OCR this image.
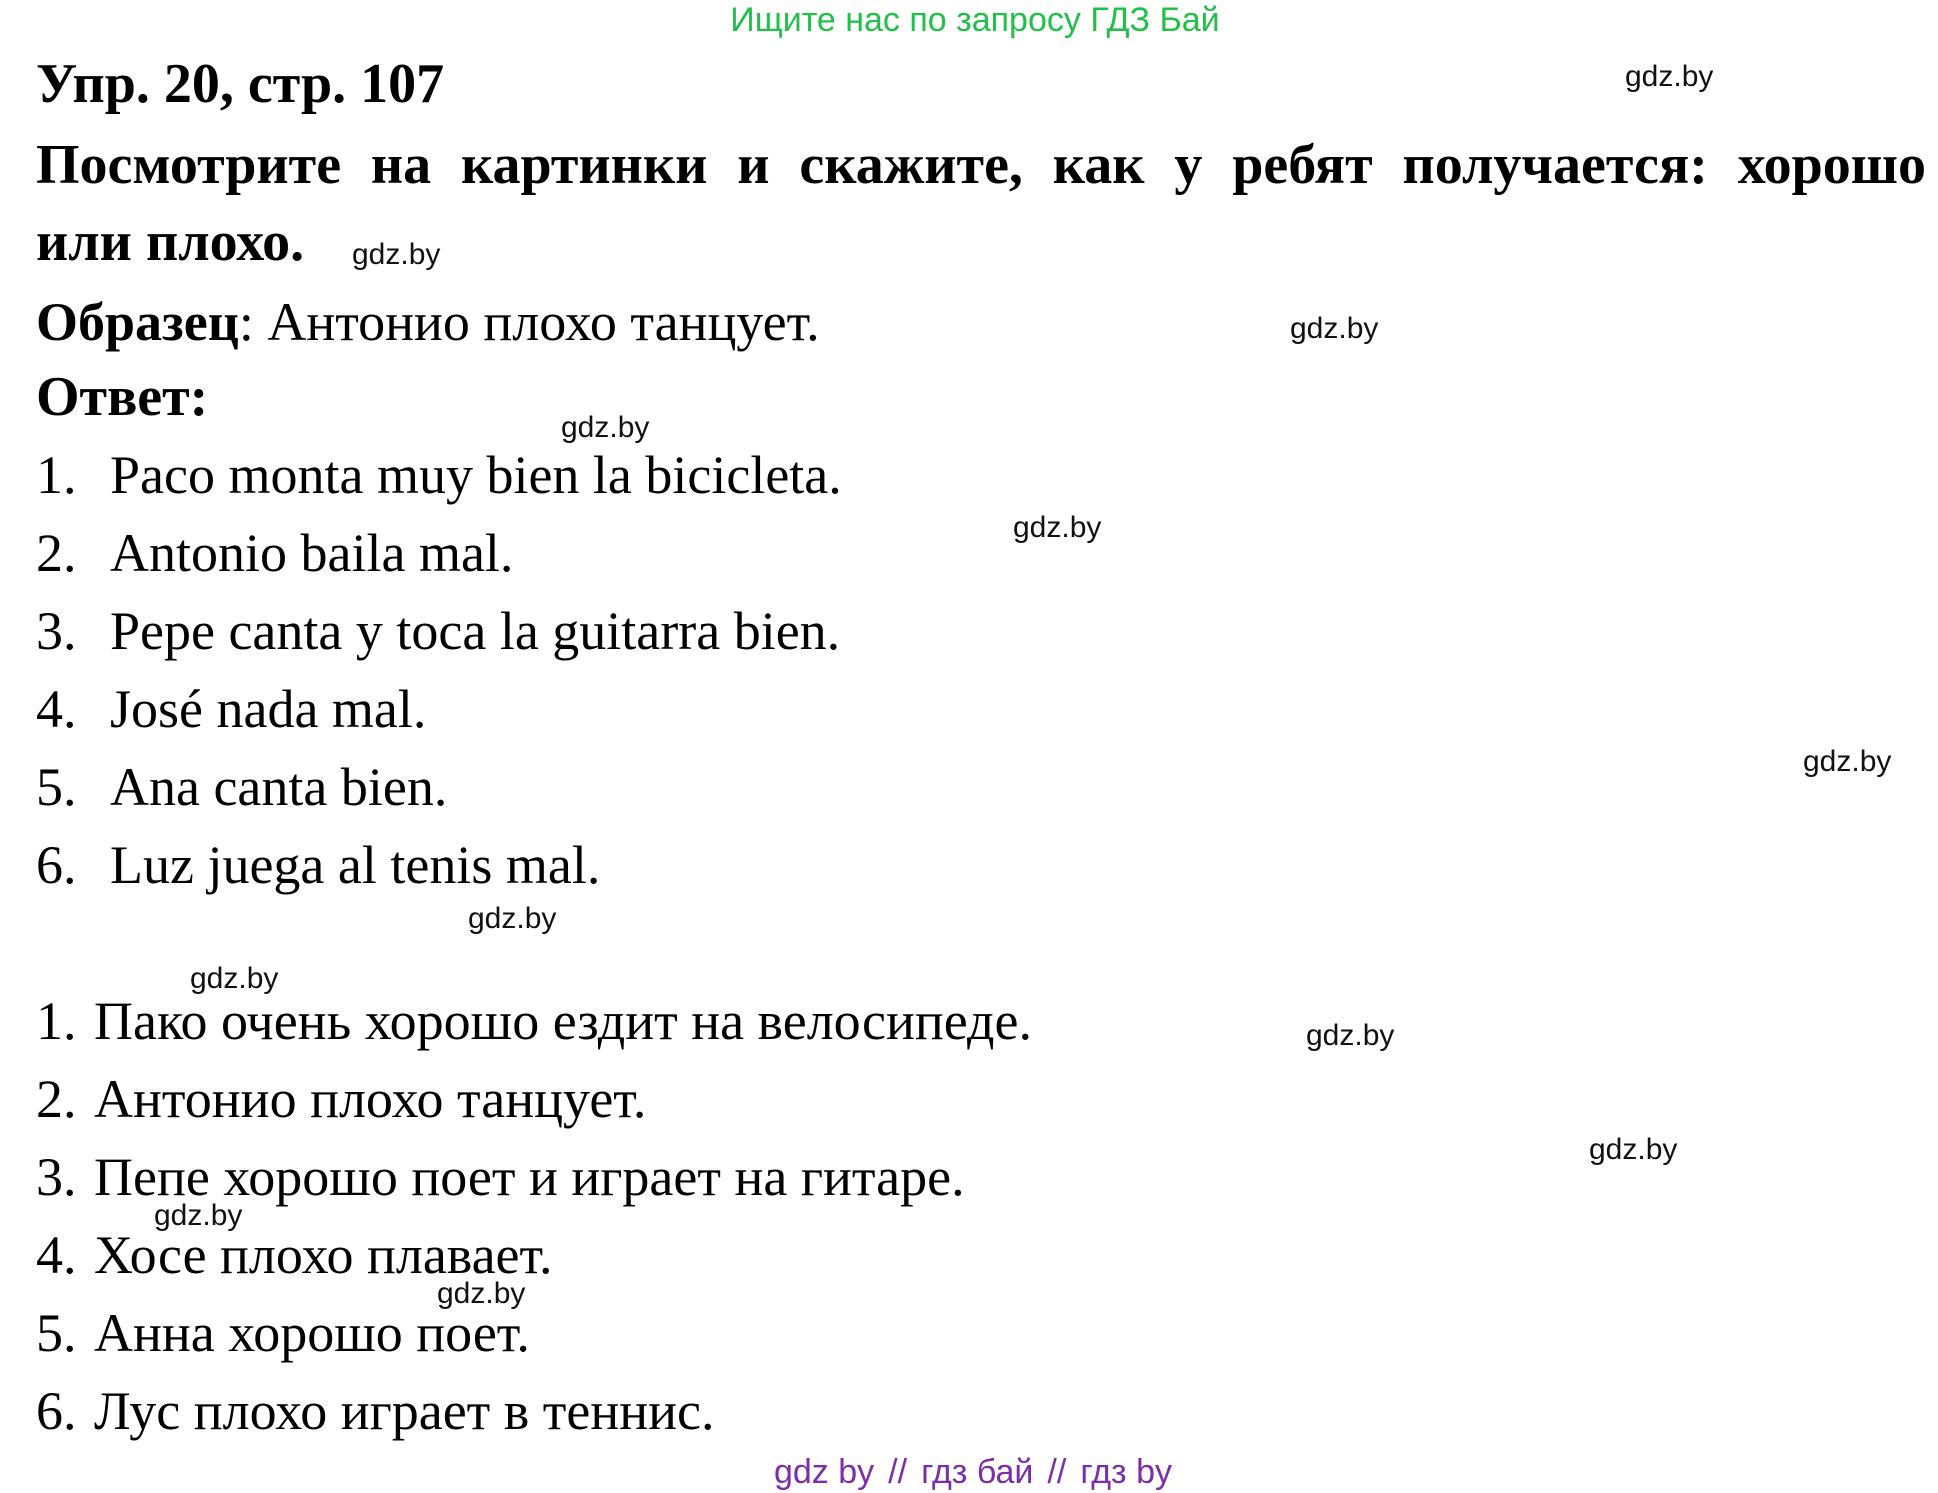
Ищите нас по запросу ГДЗ Бай
Упр. 20, стр. 107
Посмотрите на картинки и скажите, как у ребят получается: хорошо
или плохо.
Образец: Антонио плохо танцует.
Ответ:
1. Paco monta muy bien la bicicleta.
2. Antonio baila mal.
3. Pepe canta y toca la guitarra bien.
4. José nada mal.
5. Ana canta bien.
6. Luz juega al tenis mal.
1. Пако очень хорошо ездит на велосипеде.
2. Антонио плохо танцует.
3. Пепе хорошо поет и играет на гитаре.
4. Хосе плохо плавает.
5. Анна хорошо поет.
6. Лус плохо играет в теннис.
gdz.by
gdz.by
gdz.by
gdz.by
gdz.by
gdz.by
gdz.by
gdz.by
gdz.by
gdz.by
gdz.by
gdz.by
gdz by // гдз бай // гдз by
